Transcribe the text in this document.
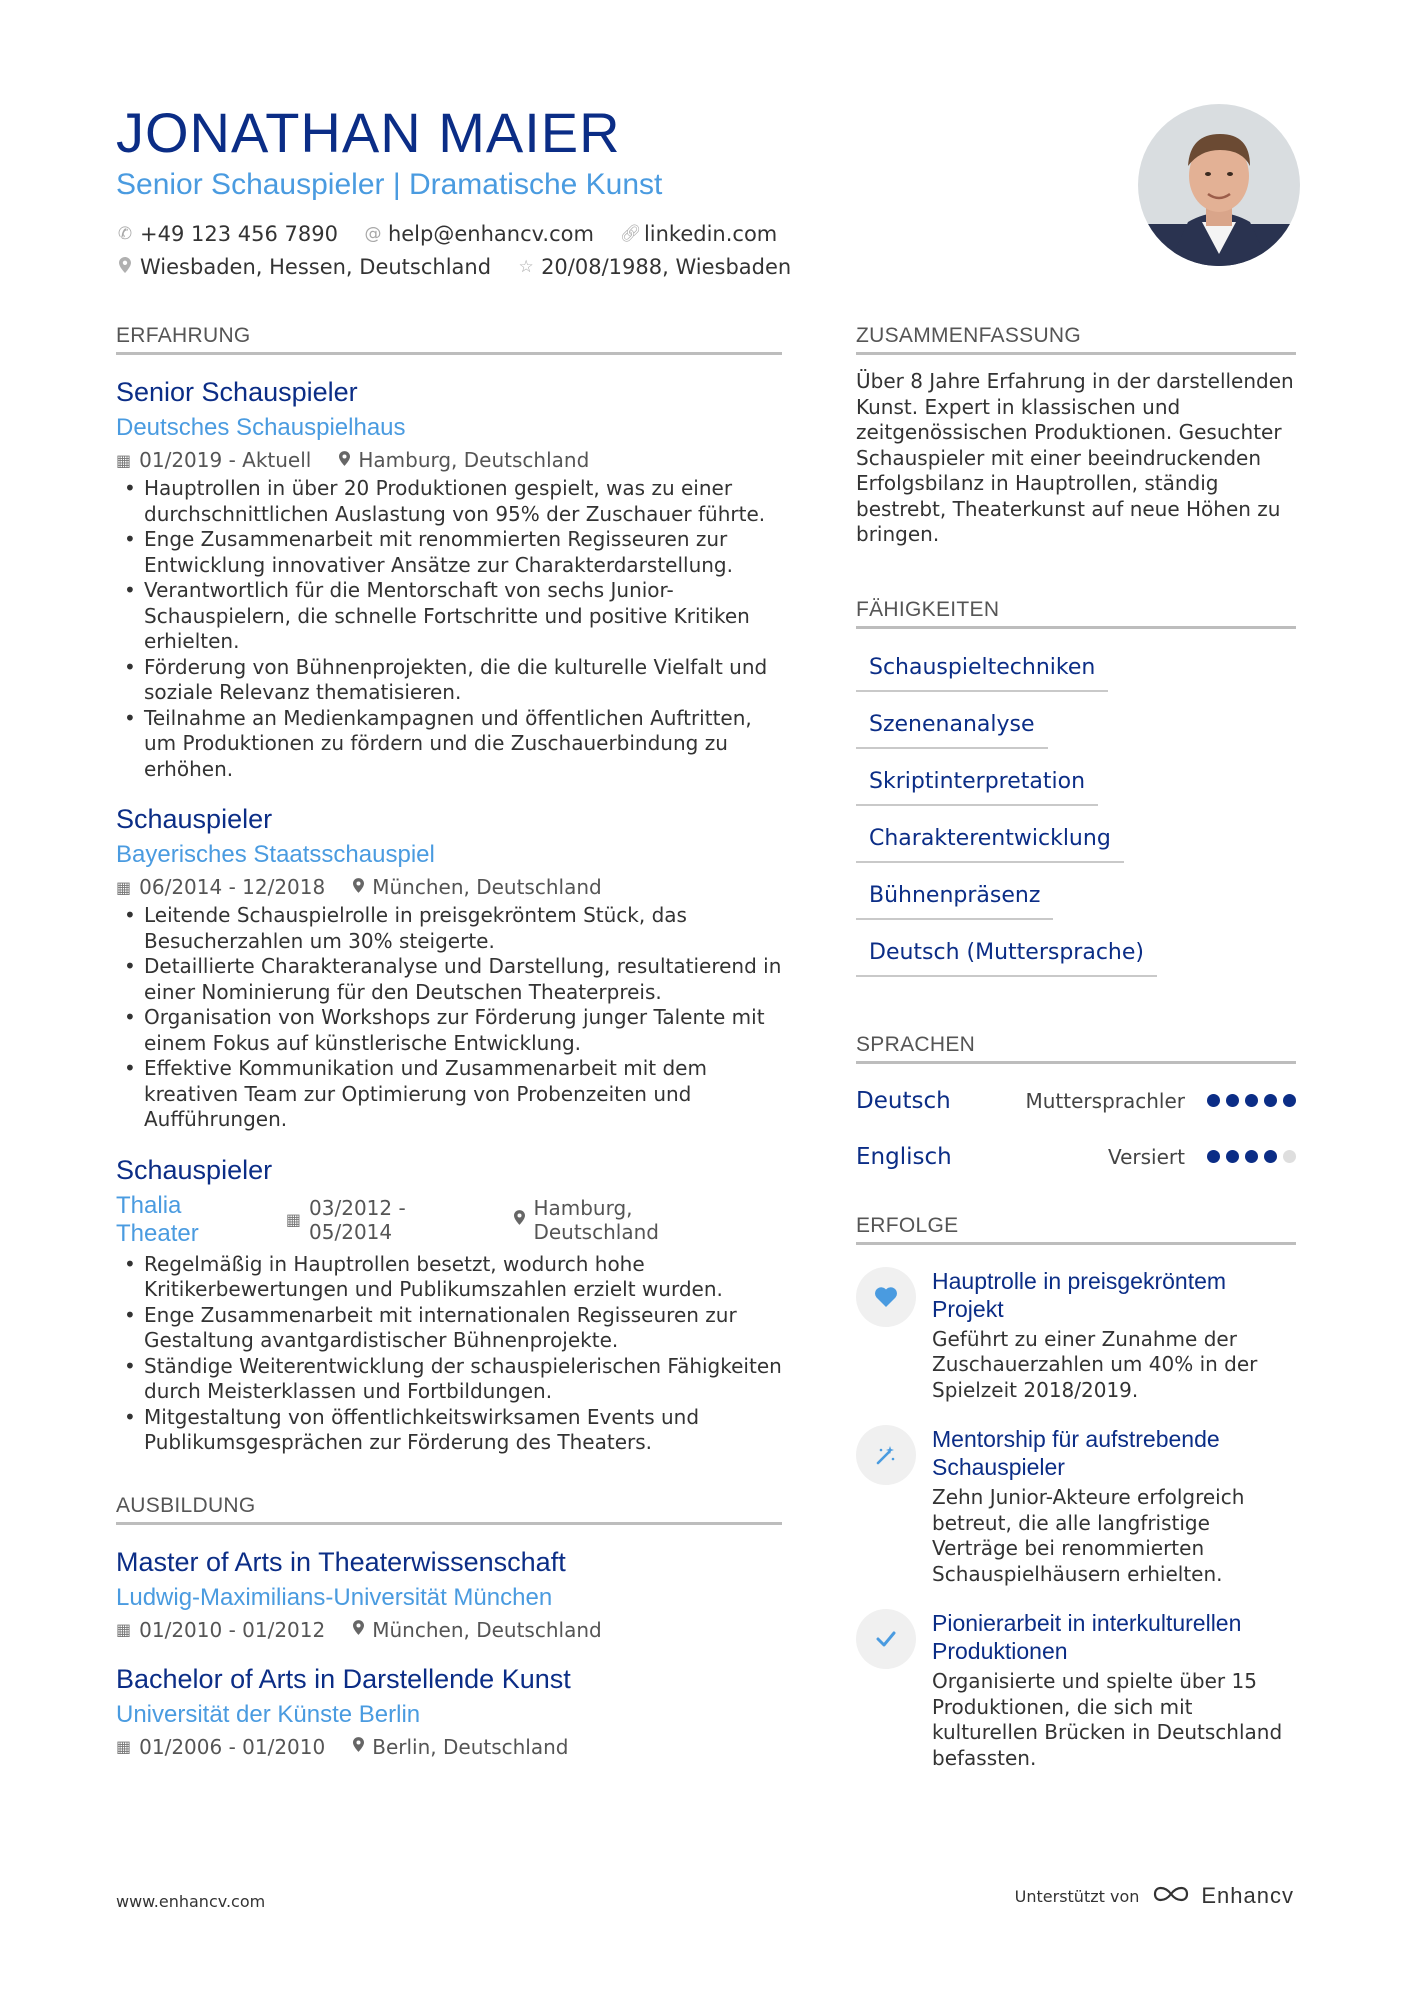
JONATHAN MAIER
Senior Schauspieler | Dramatische Kunst
✆ +49 123 456 7890 @ help@enhancv.com 🔗︎ linkedin.com
Wiesbaden, Hessen, Deutschland ☆ 20/08/1988, Wiesbaden
ERFAHRUNG
Senior Schauspieler
Deutsches Schauspielhaus
▦ 01/2019 - Aktuell Hamburg, Deutschland
• Hauptrollen in über 20 Produktionen gespielt, was zu einer durchschnittlichen Auslastung von 95% der Zuschauer führte.
• Enge Zusammenarbeit mit renommierten Regisseuren zur Entwicklung innovativer Ansätze zur Charakterdarstellung.
• Verantwortlich für die Mentorschaft von sechs Junior-Schauspielern, die schnelle Fortschritte und positive Kritiken erhielten.
• Förderung von Bühnenprojekten, die die kulturelle Vielfalt und soziale Relevanz thematisieren.
• Teilnahme an Medienkampagnen und öffentlichen Auftritten, um Produktionen zu fördern und die Zuschauerbindung zu erhöhen.
Schauspieler
Bayerisches Staatsschauspiel
▦ 06/2014 - 12/2018 München, Deutschland
• Leitende Schauspielrolle in preisgekröntem Stück, das Besucherzahlen um 30% steigerte.
• Detaillierte Charakteranalyse und Darstellung, resultatierend in einer Nominierung für den Deutschen Theaterpreis.
• Organisation von Workshops zur Förderung junger Talente mit einem Fokus auf künstlerische Entwicklung.
• Effektive Kommunikation und Zusammenarbeit mit dem kreativen Team zur Optimierung von Probenzeiten und Aufführungen.
Schauspieler
Thalia Theater	▦ 03/2012 - 05/2014
Hamburg, Deutschland
• Regelmäßig in Hauptrollen besetzt, wodurch hohe Kritikerbewertungen und Publikumszahlen erzielt wurden.
• Enge Zusammenarbeit mit internationalen Regisseuren zur Gestaltung avantgardistischer Bühnenprojekte.
• Ständige Weiterentwicklung der schauspielerischen Fähigkeiten durch Meisterklassen und Fortbildungen.
• Mitgestaltung von öffentlichkeitswirksamen Events und Publikumsgesprächen zur Förderung des Theaters.
AUSBILDUNG
Master of Arts in Theaterwissenschaft
Ludwig-Maximilians-Universität München
▦ 01/2010 - 01/2012 München, Deutschland
Bachelor of Arts in Darstellende Kunst
Universität der Künste Berlin
▦ 01/2006 - 01/2010 Berlin, Deutschland
ZUSAMMENFASSUNG
Über 8 Jahre Erfahrung in der darstellenden Kunst. Expert in klassischen und zeitgenössischen Produktionen. Gesuchter Schauspieler mit einer beeindruckenden Erfolgsbilanz in Hauptrollen, ständig bestrebt, Theaterkunst auf neue Höhen zu bringen.
FÄHIGKEITEN
Schauspieltechniken
Szenenanalyse
Skriptinterpretation
Charakterentwicklung
Bühnenpräsenz
Deutsch (Muttersprache)
SPRACHEN
Deutsch	Muttersprachler
Englisch	Versiert
ERFOLGE
Hauptrolle in preisgekröntem Projekt
Geführt zu einer Zunahme der Zuschauerzahlen um 40% in der Spielzeit 2018/2019.
Mentorship für aufstrebende Schauspieler
Zehn Junior-Akteure erfolgreich betreut, die alle langfristige Verträge bei renommierten Schauspielhäusern erhielten.
Pionierarbeit in interkulturellen Produktionen
Organisierte und spielte über 15 Produktionen, die sich mit kulturellen Brücken in Deutschland befassten.
www.enhancv.com	Unterstützt von	Enhancv
